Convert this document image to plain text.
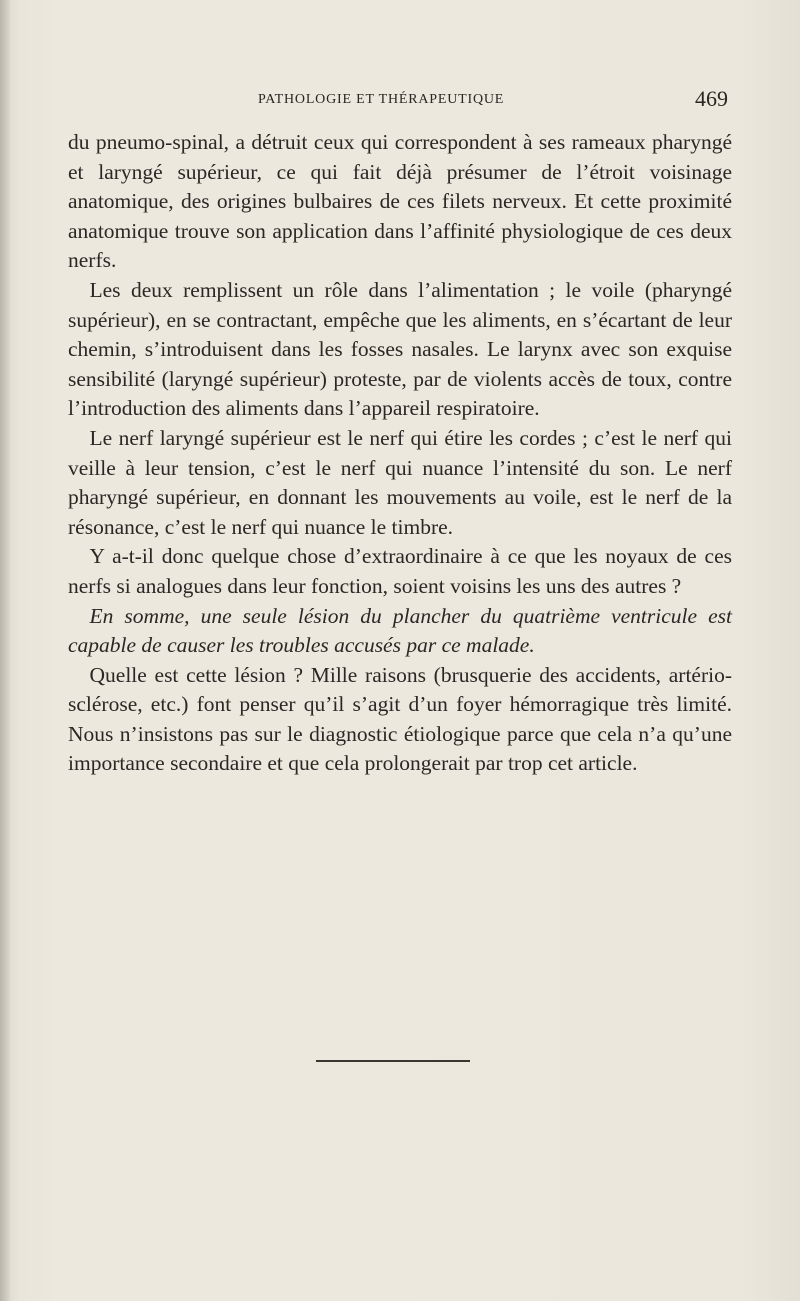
PATHOLOGIE ET THÉRAPEUTIQUE	469

du pneumo-spinal, a détruit ceux qui correspondent à ses rameaux pharyngé et laryngé supérieur, ce qui fait déjà présumer de l’étroit voisinage anatomique, des origines bulbaires de ces filets nerveux. Et cette proximité anatomique trouve son application dans l’affinité physiologique de ces deux nerfs.

Les deux remplissent un rôle dans l’alimentation ; le voile (pharyngé supérieur), en se contractant, empêche que les aliments, en s’écartant de leur chemin, s’introduisent dans les fosses nasales. Le larynx avec son exquise sensibilité (laryngé supérieur) proteste, par de violents accès de toux, contre l’introduction des aliments dans l’appareil respiratoire.

Le nerf laryngé supérieur est le nerf qui étire les cordes ; c’est le nerf qui veille à leur tension, c’est le nerf qui nuance l’intensité du son. Le nerf pharyngé supérieur, en donnant les mouvements au voile, est le nerf de la résonance, c’est le nerf qui nuance le timbre.

Y a-t-il donc quelque chose d’extraordinaire à ce que les noyaux de ces nerfs si analogues dans leur fonction, soient voisins les uns des autres ?

En somme, une seule lésion du plancher du quatrième ventricule est capable de causer les troubles accusés par ce malade.

Quelle est cette lésion ? Mille raisons (brusquerie des accidents, artério-sclérose, etc.) font penser qu’il s’agit d’un foyer hémorragique très limité. Nous n’insistons pas sur le diagnostic étiologique parce que cela n’a qu’une importance secondaire et que cela prolongerait par trop cet article.
